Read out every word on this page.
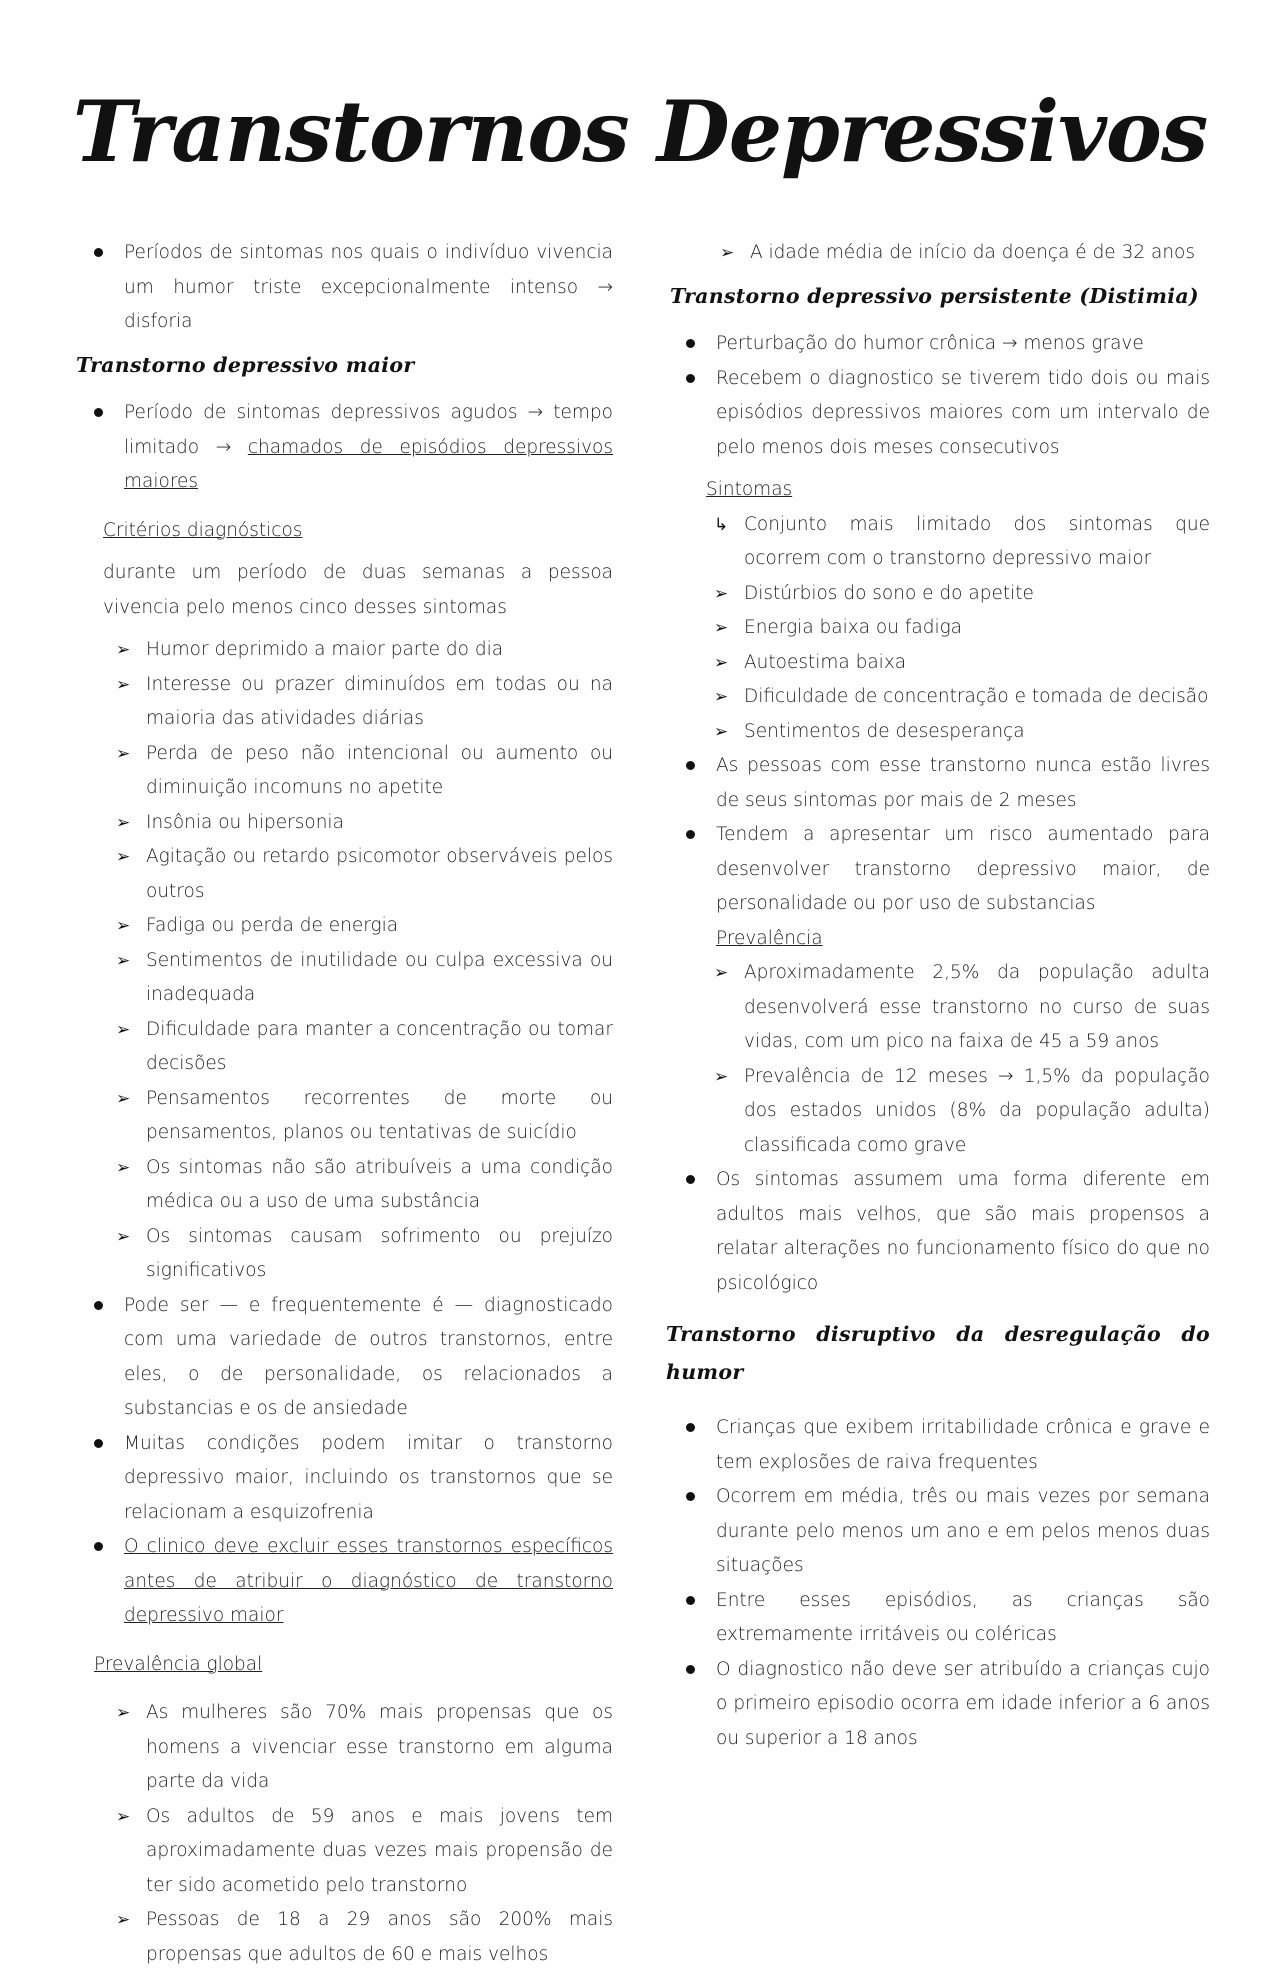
Transtornos Depressivos
Períodos de sintomas nos quais o indivíduo vivencia um humor triste excepcionalmente intenso → disforia
Transtorno depressivo maior
Período de sintomas depressivos agudos → tempo limitado → chamados de episódios depressivos maiores
Critérios diagnósticos
durante um período de duas semanas a pessoa vivencia pelo menos cinco desses sintomas
➢ Humor deprimido a maior parte do dia
➢ Interesse ou prazer diminuídos em todas ou na maioria das atividades diárias
➢ Perda de peso não intencional ou aumento ou diminuição incomuns no apetite
➢ Insônia ou hipersonia
➢ Agitação ou retardo psicomotor observáveis pelos outros
➢ Fadiga ou perda de energia
➢ Sentimentos de inutilidade ou culpa excessiva ou inadequada
➢ Dificuldade para manter a concentração ou tomar decisões
➢ Pensamentos recorrentes de morte ou pensamentos, planos ou tentativas de suicídio
➢ Os sintomas não são atribuíveis a uma condição médica ou a uso de uma substância
➢ Os sintomas causam sofrimento ou prejuízo significativos
Pode ser — e frequentemente é — diagnosticado com uma variedade de outros transtornos, entre eles, o de personalidade, os relacionados a substancias e os de ansiedade
Muitas condições podem imitar o transtorno depressivo maior, incluindo os transtornos que se relacionam a esquizofrenia
O clinico deve excluir esses transtornos específicos antes de atribuir o diagnóstico de transtorno depressivo maior
Prevalência global
➢ As mulheres são 70% mais propensas que os homens a vivenciar esse transtorno em alguma parte da vida
➢ Os adultos de 59 anos e mais jovens tem aproximadamente duas vezes mais propensão de ter sido acometido pelo transtorno
➢ Pessoas de 18 a 29 anos são 200% mais propensas que adultos de 60 e mais velhos
➢ A idade média de início da doença é de 32 anos
Transtorno depressivo persistente (Distimia)
Perturbação do humor crônica → menos grave
Recebem o diagnostico se tiverem tido dois ou mais episódios depressivos maiores com um intervalo de pelo menos dois meses consecutivos
Sintomas
↳ Conjunto mais limitado dos sintomas que ocorrem com o transtorno depressivo maior
➢ Distúrbios do sono e do apetite
➢ Energia baixa ou fadiga
➢ Autoestima baixa
➢ Dificuldade de concentração e tomada de decisão
➢ Sentimentos de desesperança
As pessoas com esse transtorno nunca estão livres de seus sintomas por mais de 2 meses
Tendem a apresentar um risco aumentado para desenvolver transtorno depressivo maior, de personalidade ou por uso de substancias
Prevalência
➢ Aproximadamente 2,5% da população adulta desenvolverá esse transtorno no curso de suas vidas, com um pico na faixa de 45 a 59 anos
➢ Prevalência de 12 meses → 1,5% da população dos estados unidos (8% da população adulta) classificada como grave
Os sintomas assumem uma forma diferente em adultos mais velhos, que são mais propensos a relatar alterações no funcionamento físico do que no psicológico
Transtorno disruptivo da desregulação do humor
Crianças que exibem irritabilidade crônica e grave e tem explosões de raiva frequentes
Ocorrem em média, três ou mais vezes por semana durante pelo menos um ano e em pelos menos duas situações
Entre esses episódios, as crianças são extremamente irritáveis ou coléricas
O diagnostico não deve ser atribuído a crianças cujo o primeiro episodio ocorra em idade inferior a 6 anos ou superior a 18 anos
